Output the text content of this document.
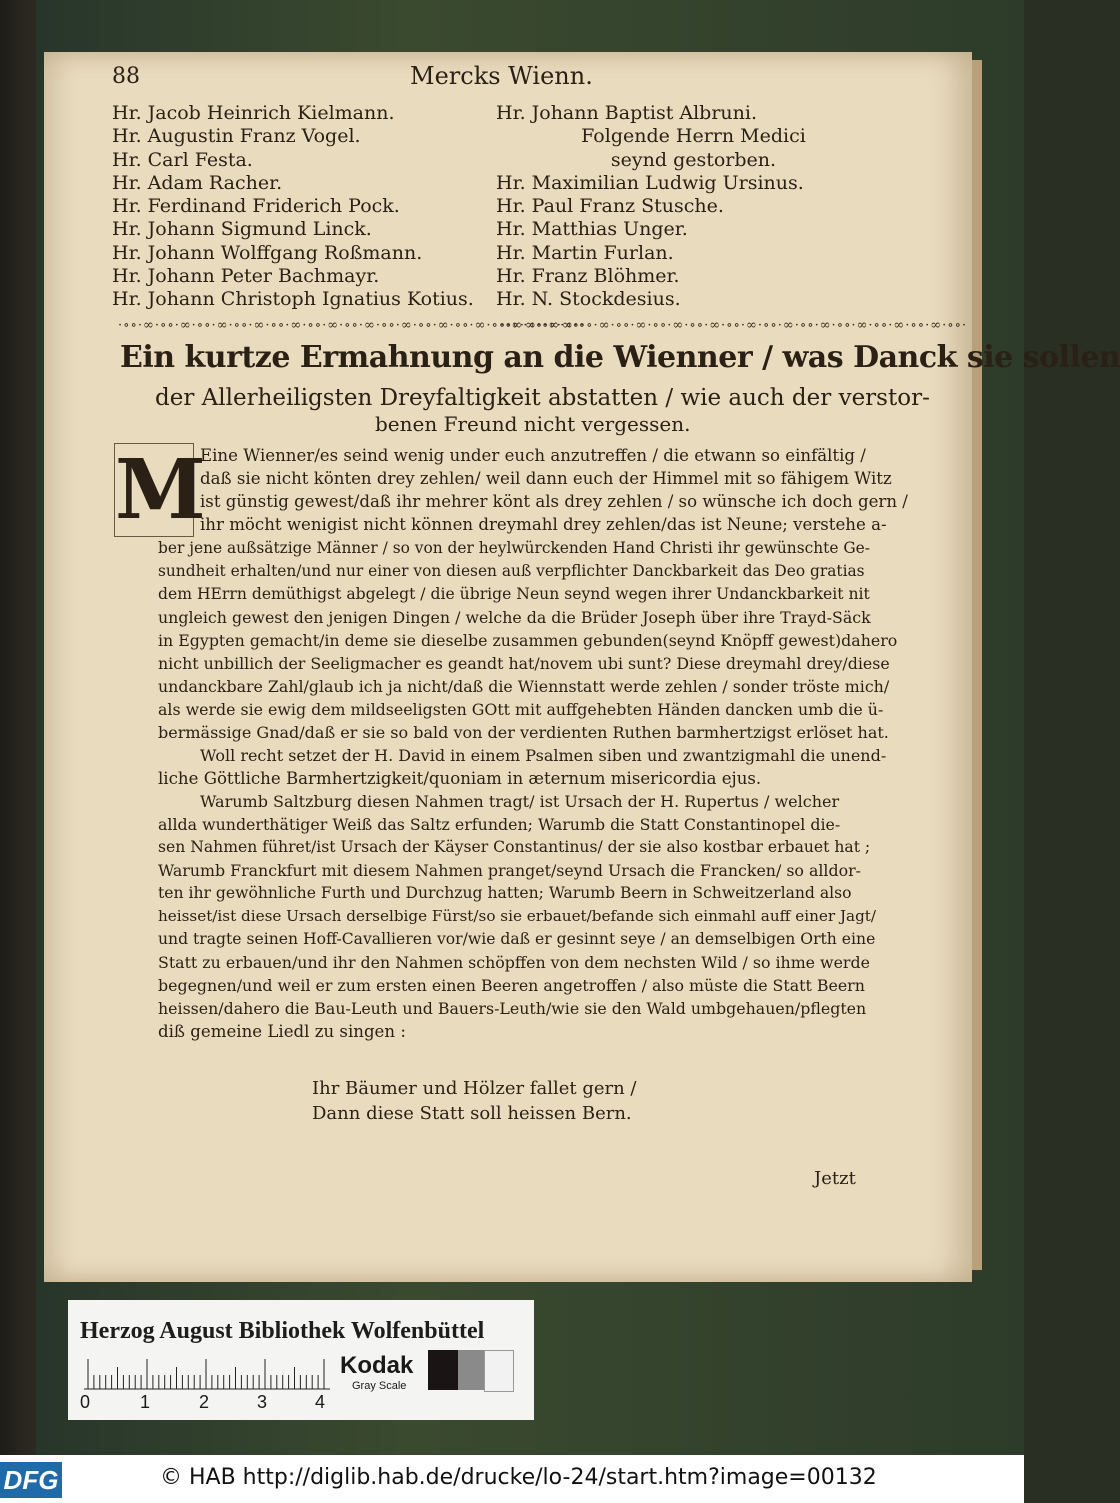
88	Mercks Wienn.
Hr. Jacob Heinrich Kielmann.
Hr. Augustin Franz Vogel.
Hr. Carl Festa.
Hr. Adam Racher.
Hr. Ferdinand Friderich Pock.
Hr. Johann Sigmund Linck.
Hr. Johann Wolffgang Roßmann.
Hr. Johann Peter Bachmayr.
Hr. Johann Christoph Ignatius Kotius.
Hr. Johann Baptist Albruni.
Folgende Herrn Medici
seynd gestorben.
Hr. Maximilian Ludwig Ursinus.
Hr. Paul Franz Stusche.
Hr. Matthias Unger.
Hr. Martin Furlan.
Hr. Franz Blöhmer.
Hr. N. Stockdesius.
·∘∘·∞·∘∘·∞·∘∘·∞·∘∘·∞·∘∘·∞·∘∘·∞·∘∘·∞·∘∘·∞·∘∘·∞·∘∘·∞·∘∘·∞·∘∘·∞·∘∘·
·∘∘·∞·∘∘·∞·∘∘·∞·∘∘·∞·∘∘·∞·∘∘·∞·∘∘·∞·∘∘·∞·∘∘·∞·∘∘·∞·∘∘·∞·∘∘·∞·∘∘·
Ein kurtze Ermahnung an die Wienner / was Danck sie sollen
der Allerheiligsten Dreyfaltigkeit abstatten / wie auch der verstor-
benen Freund nicht vergessen.
M
Eine Wienner/es seind wenig under euch anzutreffen / die etwann so einfältig /
daß sie nicht könten drey zehlen/ weil dann euch der Himmel mit so fähigem Witz
ist günstig gewest/daß ihr mehrer könt als drey zehlen / so wünsche ich doch gern /
ihr möcht wenigist nicht können dreymahl drey zehlen/das ist Neune; verstehe a-
ber jene außsätzige Männer / so von der heylwürckenden Hand Christi ihr gewünschte Ge-
sundheit erhalten/und nur einer von diesen auß verpflichter Danckbarkeit das Deo gratias
dem HErrn demüthigst abgelegt / die übrige Neun seynd wegen ihrer Undanckbarkeit nit
ungleich gewest den jenigen Dingen / welche da die Brüder Joseph über ihre Trayd-Säck
in Egypten gemacht/in deme sie dieselbe zusammen gebunden(seynd Knöpff gewest)dahero
nicht unbillich der Seeligmacher es geandt hat/novem ubi sunt? Diese dreymahl drey/diese
undanckbare Zahl/glaub ich ja nicht/daß die Wiennstatt werde zehlen / sonder tröste mich/
als werde sie ewig dem mildseeligsten GOtt mit auffgehebten Händen dancken umb die ü-
bermässige Gnad/daß er sie so bald von der verdienten Ruthen barmhertzigst erlöset hat.
Woll recht setzet der H. David in einem Psalmen siben und zwantzigmahl die unend-
liche Göttliche Barmhertzigkeit/quoniam in æternum misericordia ejus.
Warumb Saltzburg diesen Nahmen tragt/ ist Ursach der H. Rupertus / welcher
allda wunderthätiger Weiß das Saltz erfunden; Warumb die Statt Constantinopel die-
sen Nahmen führet/ist Ursach der Käyser Constantinus/ der sie also kostbar erbauet hat ;
Warumb Franckfurt mit diesem Nahmen pranget/seynd Ursach die Francken/ so alldor-
ten ihr gewöhnliche Furth und Durchzug hatten; Warumb Beern in Schweitzerland also
heisset/ist diese Ursach derselbige Fürst/so sie erbauet/befande sich einmahl auff einer Jagt/
und tragte seinen Hoff-Cavallieren vor/wie daß er gesinnt seye / an demselbigen Orth eine
Statt zu erbauen/und ihr den Nahmen schöpffen von dem nechsten Wild / so ihme werde
begegnen/und weil er zum ersten einen Beeren angetroffen / also müste die Statt Beern
heissen/dahero die Bau-Leuth und Bauers-Leuth/wie sie den Wald umbgehauen/pflegten
diß gemeine Liedl zu singen :
Ihr Bäumer und Hölzer fallet gern /
Dann diese Statt soll heissen Bern.
Jetzt
Herzog August Bibliothek Wolfenbüttel
0	1	2	3	4
Kodak
Gray Scale
DFG	© HAB http://diglib.hab.de/drucke/lo-24/start.htm?image=00132
